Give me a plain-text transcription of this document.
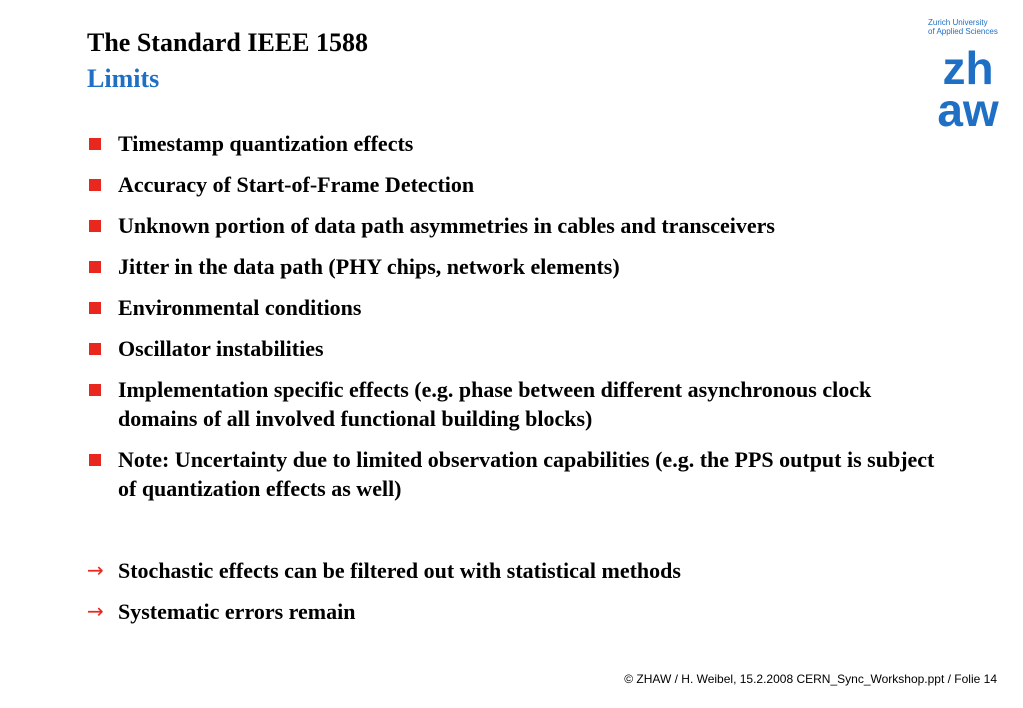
The Standard IEEE 1588
Limits
Zurich University
of Applied Sciences
zh
aw
Timestamp quantization effects
Accuracy of Start-of-Frame Detection
Unknown portion of data path asymmetries in cables and transceivers
Jitter in the data path (PHY chips, network elements)
Environmental conditions
Oscillator instabilities
Implementation specific effects (e.g. phase between different asynchronous clock domains of all involved functional building blocks)
Note: Uncertainty due to limited observation capabilities (e.g. the PPS output is subject of quantization effects as well)
→ Stochastic effects can be filtered out with statistical methods
→ Systematic errors remain
© ZHAW / H. Weibel, 15.2.2008 CERN_Sync_Workshop.ppt / Folie 14
